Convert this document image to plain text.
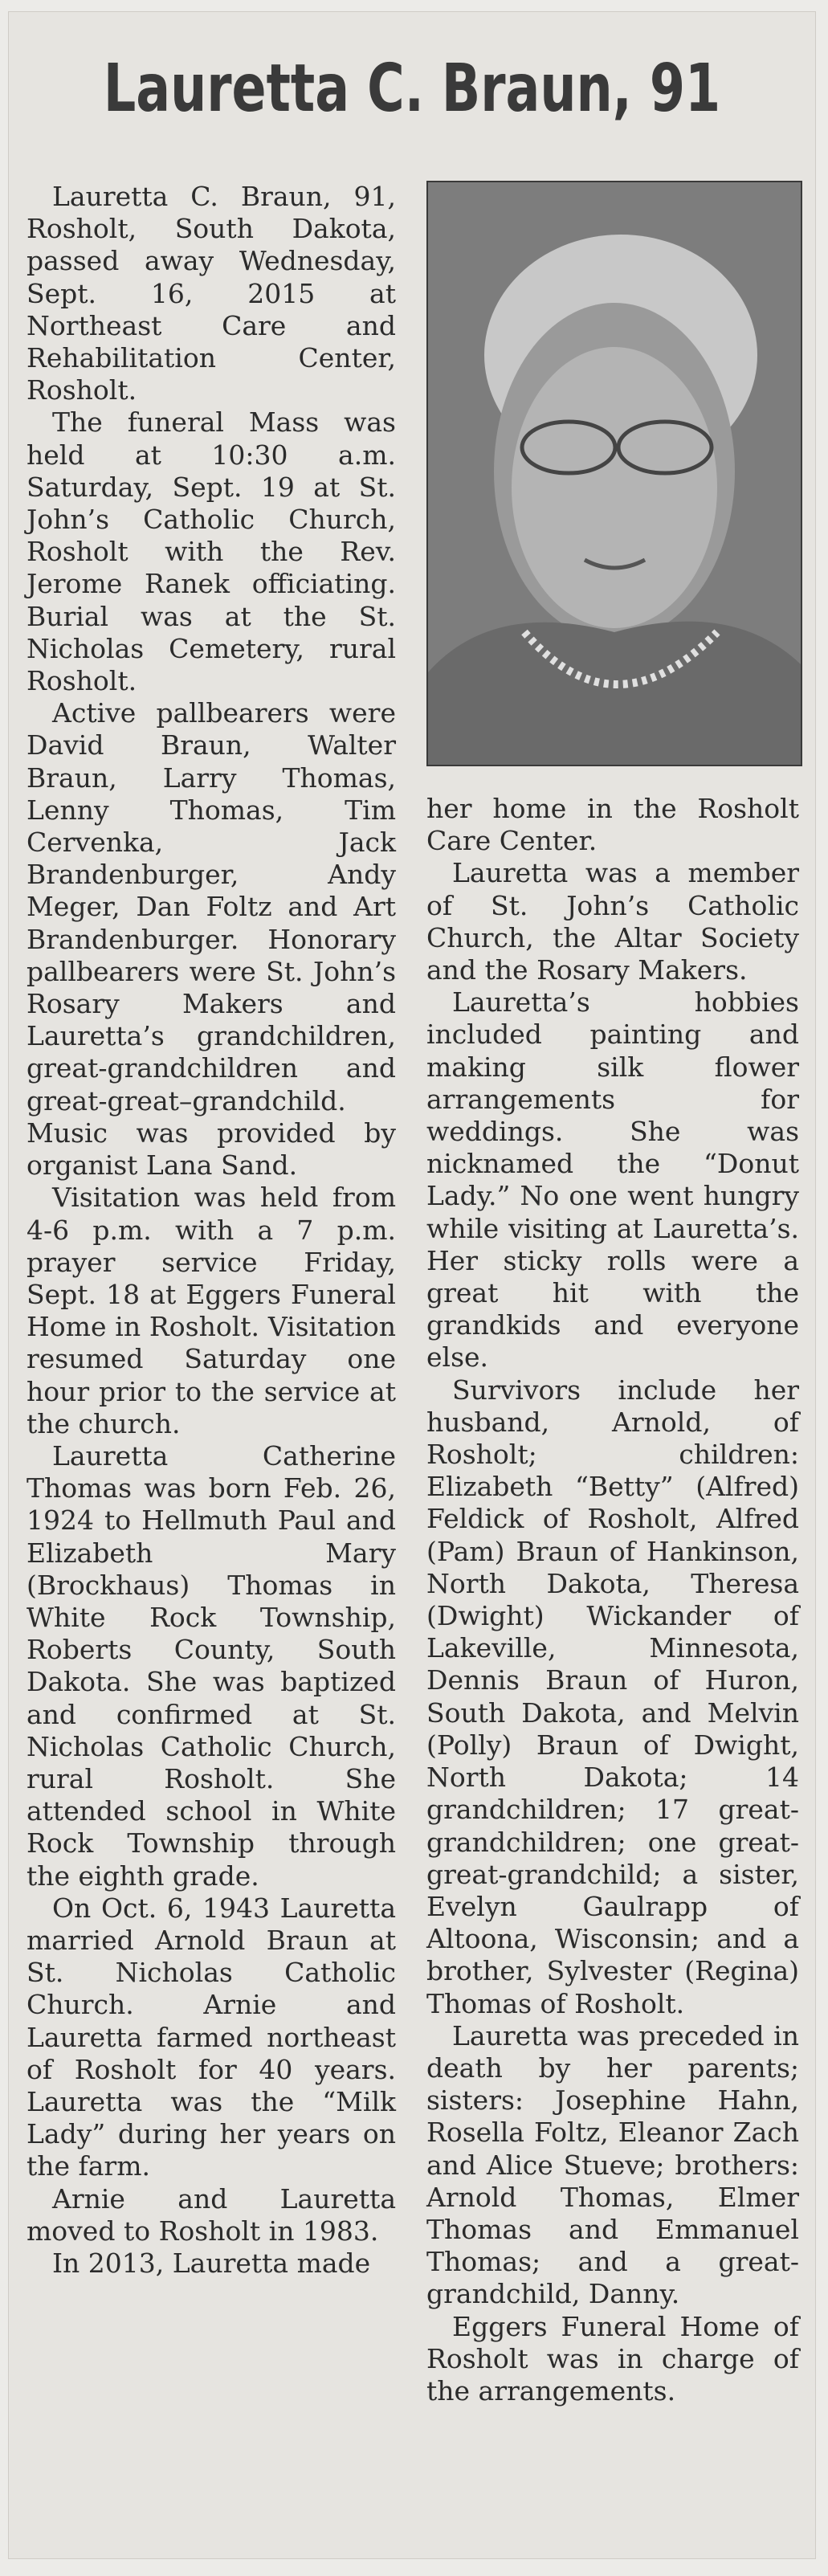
Lauretta C. Braun, 91

Lauretta C. Braun, 91, Rosholt, South Dakota, passed away Wednesday, Sept. 16, 2015 at Northeast Care and Rehabilitation Center, Rosholt.

The funeral Mass was held at 10:30 a.m. Saturday, Sept. 19 at St. John’s Catholic Church, Rosholt with the Rev. Jerome Ranek officiating. Burial was at the St. Nicholas Cemetery, rural Rosholt.

Active pallbearers were David Braun, Walter Braun, Larry Thomas, Lenny Thomas, Tim Cervenka, Jack Brandenburger, Andy Meger, Dan Foltz and Art Brandenburger. Honorary pallbearers were St. John’s Rosary Makers and Lauretta’s grandchildren, great-grandchildren and great-great–grandchild. Music was provided by organist Lana Sand.

Visitation was held from 4-6 p.m. with a 7 p.m. prayer service Friday, Sept. 18 at Eggers Funeral Home in Rosholt. Visitation resumed Saturday one hour prior to the service at the church.

Lauretta Catherine Thomas was born Feb. 26, 1924 to Hellmuth Paul and Elizabeth Mary (Brockhaus) Thomas in White Rock Township, Roberts County, South Dakota. She was baptized and confirmed at St. Nicholas Catholic Church, rural Rosholt. She attended school in White Rock Township through the eighth grade.

On Oct. 6, 1943 Lauretta married Arnold Braun at St. Nicholas Catholic Church. Arnie and Lauretta farmed northeast of Rosholt for 40 years. Lauretta was the “Milk Lady” during her years on the farm.

Arnie and Lauretta moved to Rosholt in 1983.

In 2013, Lauretta made

her home in the Rosholt Care Center.

Lauretta was a member of St. John’s Catholic Church, the Altar Society and the Rosary Makers.

Lauretta’s hobbies included painting and making silk flower arrangements for weddings. She was nicknamed the “Donut Lady.” No one went hungry while visiting at Lauretta’s. Her sticky rolls were a great hit with the grandkids and everyone else.

Survivors include her husband, Arnold, of Rosholt; children: Elizabeth “Betty” (Alfred) Feldick of Rosholt, Alfred (Pam) Braun of Hankinson, North Dakota, Theresa (Dwight) Wickander of Lakeville, Minnesota, Dennis Braun of Huron, South Dakota, and Melvin (Polly) Braun of Dwight, North Dakota; 14 grandchildren; 17 great-grandchildren; one great-great-grandchild; a sister, Evelyn Gaulrapp of Altoona, Wisconsin; and a brother, Sylvester (Regina) Thomas of Rosholt.

Lauretta was preceded in death by her parents; sisters: Josephine Hahn, Rosella Foltz, Eleanor Zach and Alice Stueve; brothers: Arnold Thomas, Elmer Thomas and Emmanuel Thomas; and a great-grandchild, Danny.

Eggers Funeral Home of Rosholt was in charge of the arrangements.
